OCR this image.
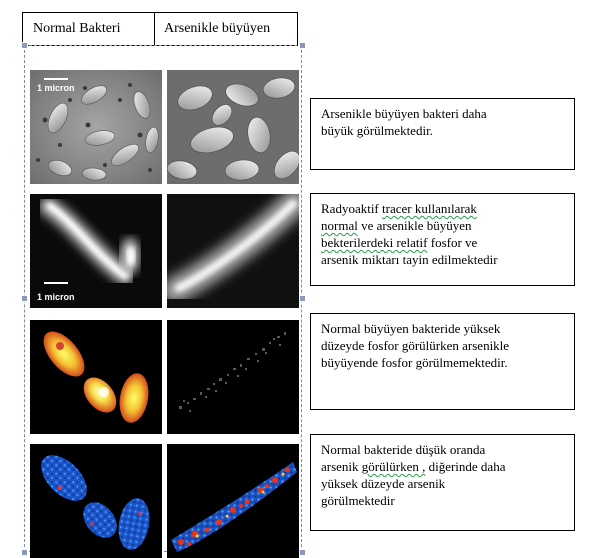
Normal Bakteri	Arsenikle büyüyen
1 micron
1 micron
Arsenikle büyüyen bakteri daha
büyük görülmektedir.
Radyoaktif tracer kullanılarak
normal ve arsenikle büyüyen
bekterilerdeki relatif fosfor ve
arsenik miktarı tayin edilmektedir
Normal büyüyen bakteride yüksek
düzeyde fosfor görülürken arsenikle
büyüyende fosfor görülmemektedir.
Normal bakteride düşük oranda
arsenik görülürken , diğerinde daha
yüksek düzeyde arsenik
görülmektedir
